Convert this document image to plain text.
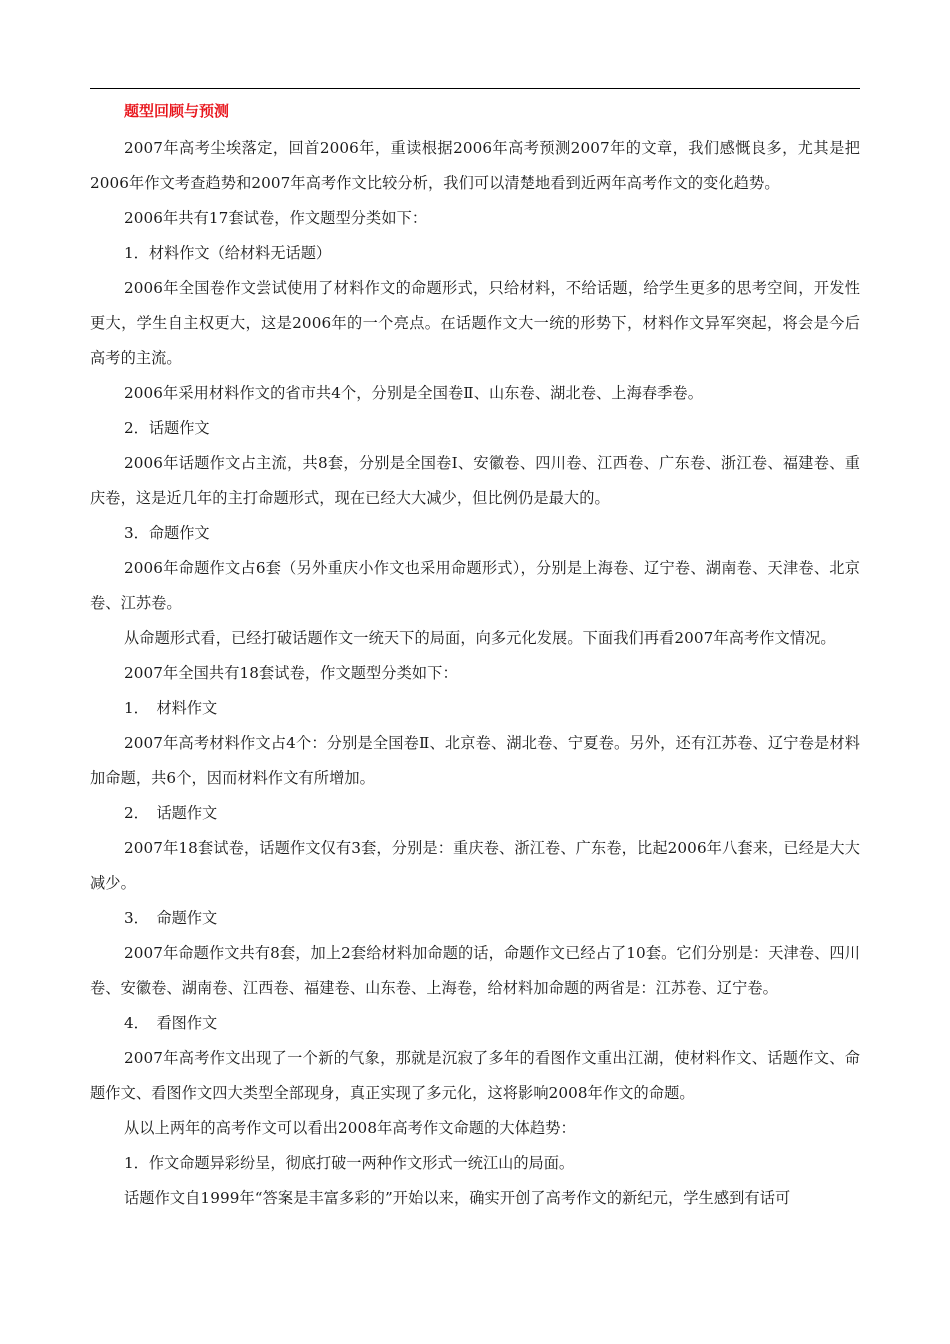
题型回顾与预测

2007年高考尘埃落定，回首2006年，重读根据2006年高考预测2007年的文章，我们感慨良多，尤其是把2006年作文考查趋势和2007年高考作文比较分析，我们可以清楚地看到近两年高考作文的变化趋势。

2006年共有17套试卷，作文题型分类如下：

1．材料作文（给材料无话题）

2006年全国卷作文尝试使用了材料作文的命题形式，只给材料，不给话题，给学生更多的思考空间，开发性更大，学生自主权更大，这是2006年的一个亮点。在话题作文大一统的形势下，材料作文异军突起，将会是今后高考的主流。

2006年采用材料作文的省市共4个，分别是全国卷Ⅱ、山东卷、湖北卷、上海春季卷。

2．话题作文

2006年话题作文占主流，共8套，分别是全国卷Ⅰ、安徽卷、四川卷、江西卷、广东卷、浙江卷、福建卷、重庆卷，这是近几年的主打命题形式，现在已经大大减少，但比例仍是最大的。

3．命题作文

2006年命题作文占6套（另外重庆小作文也采用命题形式），分别是上海卷、辽宁卷、湖南卷、天津卷、北京卷、江苏卷。

从命题形式看，已经打破话题作文一统天下的局面，向多元化发展。下面我们再看2007年高考作文情况。

2007年全国共有18套试卷，作文题型分类如下：

1．　材料作文

2007年高考材料作文占4个：分别是全国卷Ⅱ、北京卷、湖北卷、宁夏卷。另外，还有江苏卷、辽宁卷是材料加命题，共6个，因而材料作文有所增加。

2．　话题作文

2007年18套试卷，话题作文仅有3套，分别是：重庆卷、浙江卷、广东卷，比起2006年八套来，已经是大大减少。

3．　命题作文

2007年命题作文共有8套，加上2套给材料加命题的话，命题作文已经占了10套。它们分别是：天津卷、四川卷、安徽卷、湖南卷、江西卷、福建卷、山东卷、上海卷，给材料加命题的两省是：江苏卷、辽宁卷。

4．　看图作文

2007年高考作文出现了一个新的气象，那就是沉寂了多年的看图作文重出江湖，使材料作文、话题作文、命题作文、看图作文四大类型全部现身，真正实现了多元化，这将影响2008年作文的命题。

从以上两年的高考作文可以看出2008年高考作文命题的大体趋势：

1．作文命题异彩纷呈，彻底打破一两种作文形式一统江山的局面。

话题作文自1999年“答案是丰富多彩的”开始以来，确实开创了高考作文的新纪元，学生感到有话可
